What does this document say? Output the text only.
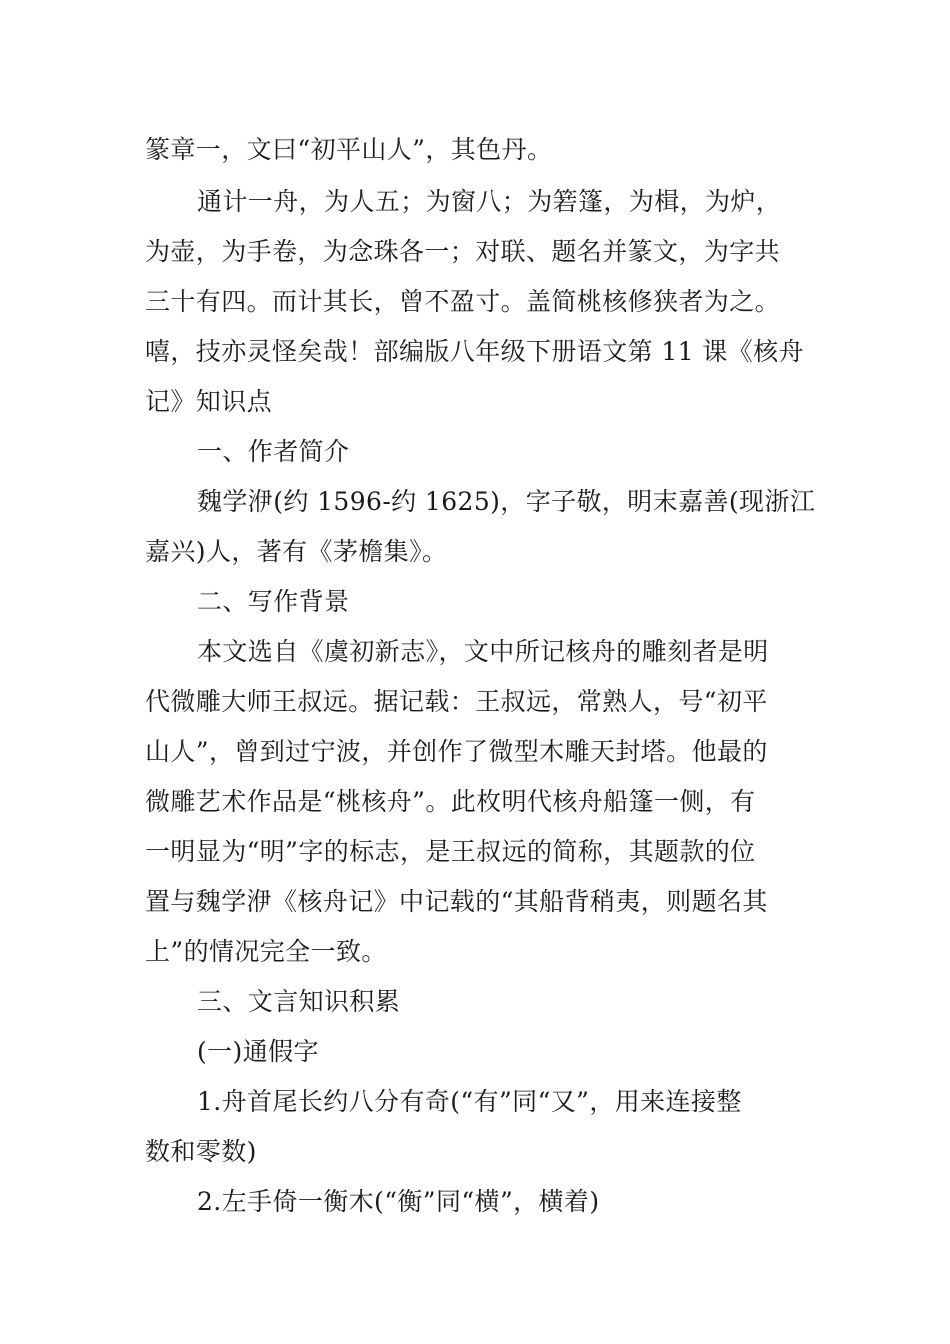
篆章一，文曰“初平山人”，其色丹。

通计一舟，为人五；为窗八；为箬篷，为楫，为炉，

为壶，为手卷，为念珠各一；对联、题名并篆文，为字共

三十有四。而计其长，曾不盈寸。盖简桃核修狭者为之。

嘻，技亦灵怪矣哉！部编版八年级下册语文第 11 课《核舟

记》知识点

一、作者简介

魏学洢(约 1596-约 1625)，字子敬，明末嘉善(现浙江

嘉兴)人，著有《茅檐集》。

二、写作背景

本文选自《虞初新志》，文中所记核舟的雕刻者是明

代微雕大师王叔远。据记载：王叔远，常熟人，号“初平

山人”，曾到过宁波，并创作了微型木雕天封塔。他最的

微雕艺术作品是“桃核舟”。此枚明代核舟船篷一侧，有

一明显为“明”字的标志，是王叔远的简称，其题款的位

置与魏学洢《核舟记》中记载的“其船背稍夷，则题名其

上”的情况完全一致。

三、文言知识积累

(一)通假字

1.舟首尾长约八分有奇(“有”同“又”，用来连接整

数和零数)

2.左手倚一衡木(“衡”同“横”，横着)
